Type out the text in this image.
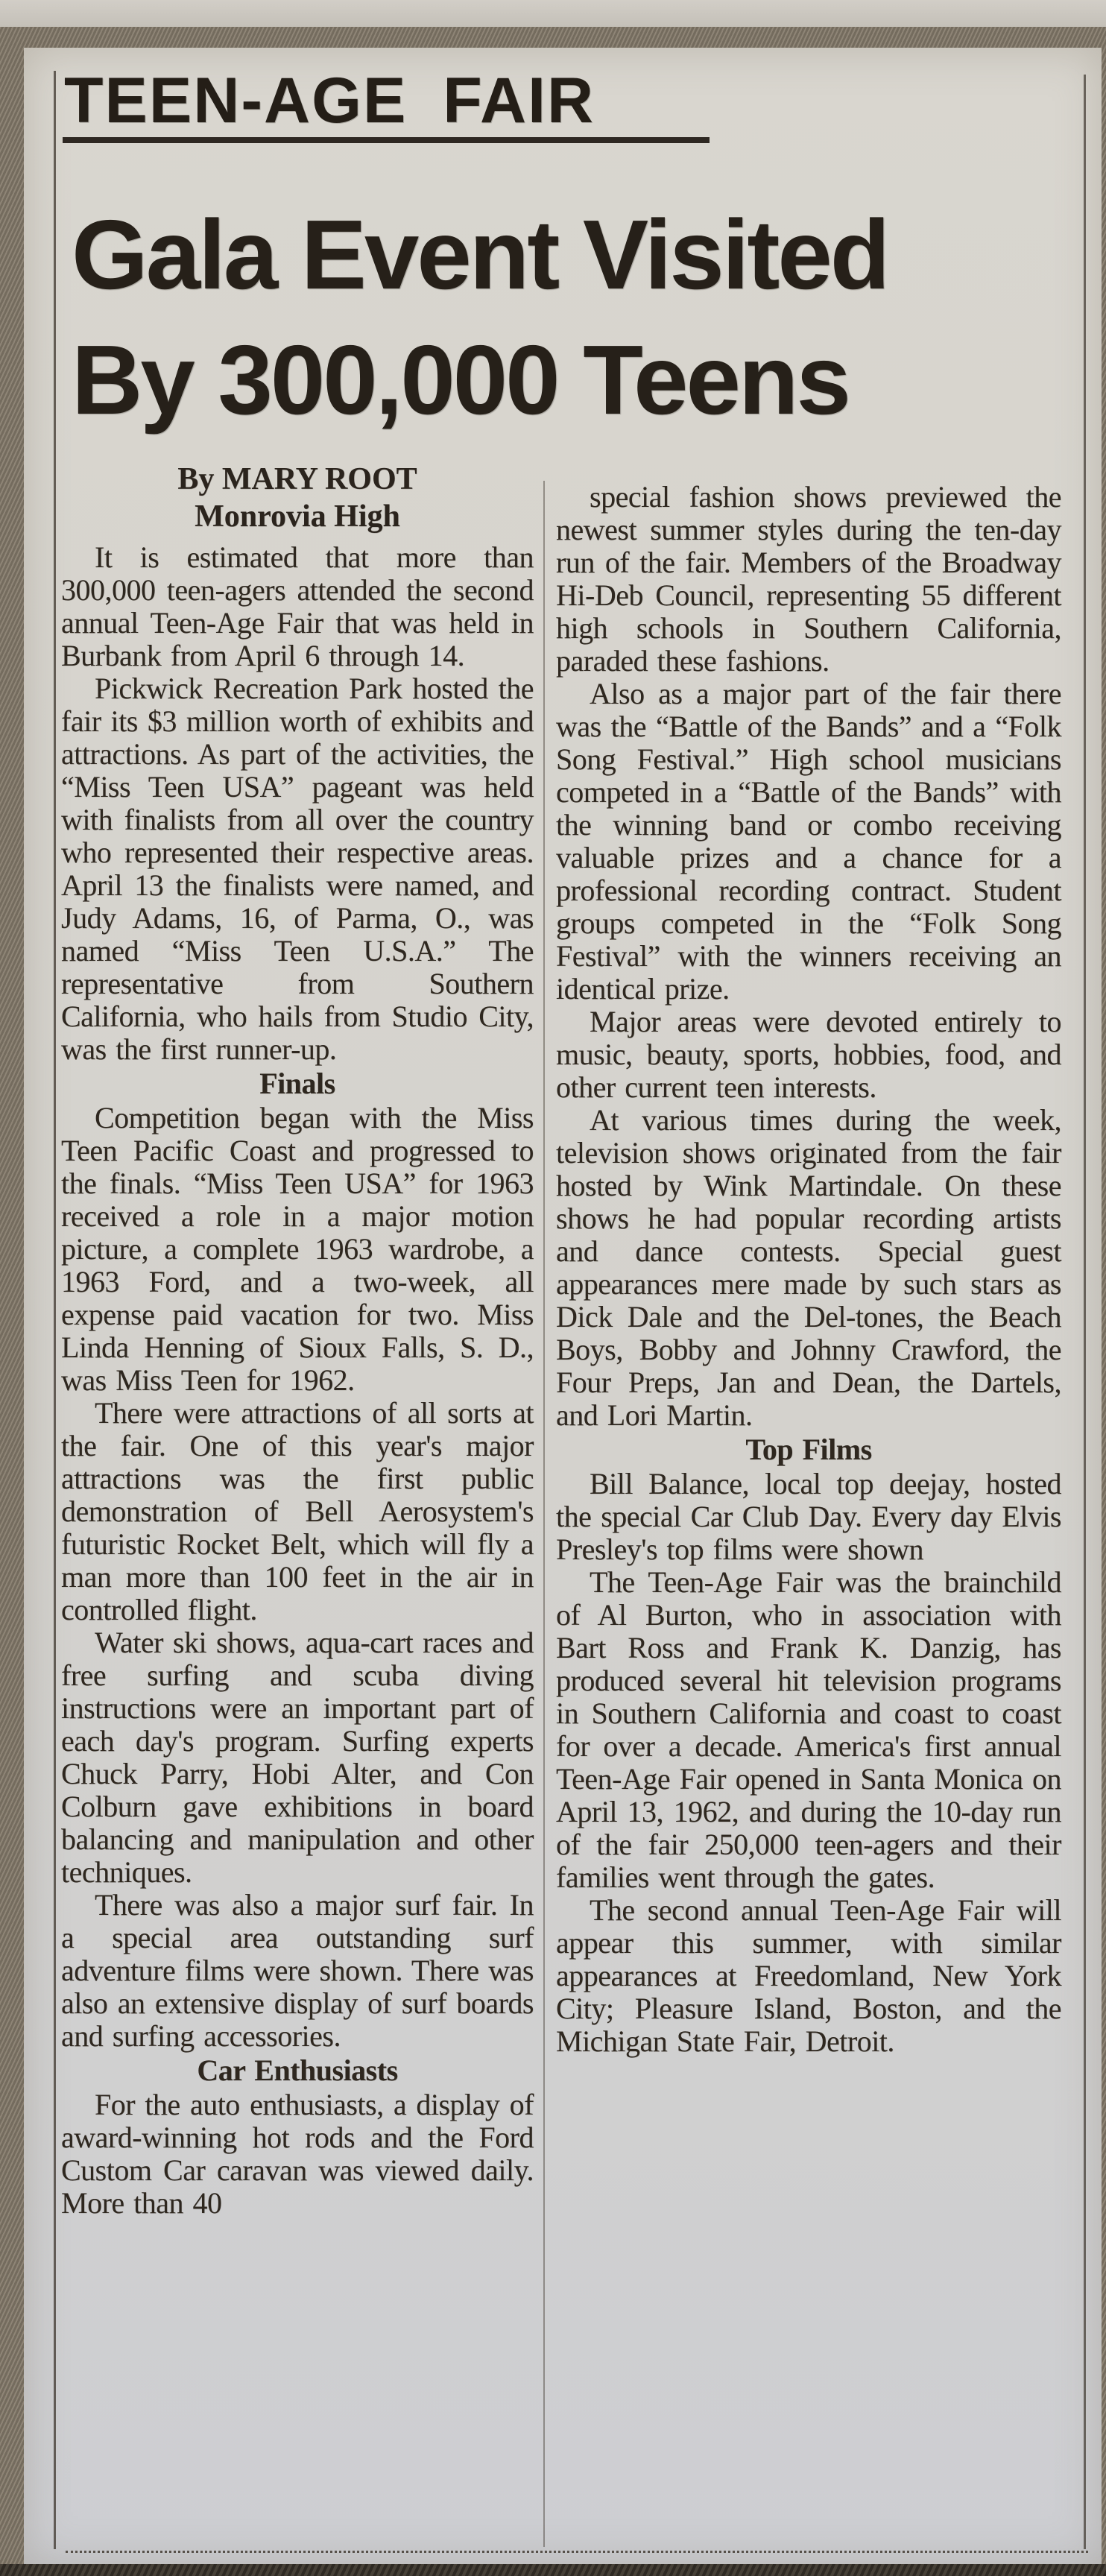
TEEN-AGE FAIR
Gala Event Visited
By 300,000 Teens
By MARY ROOT
Monrovia High

It is estimated that more than 300,000 teen-agers attended the second annual Teen-Age Fair that was held in Burbank from April 6 through 14.

Pickwick Recreation Park hosted the fair its $3 million worth of exhibits and attractions. As part of the activities, the “Miss Teen USA” pageant was held with finalists from all over the country who represented their respective areas. April 13 the finalists were named, and Judy Adams, 16, of Parma, O., was named “Miss Teen U.S.A.” The representative from Southern California, who hails from Studio City, was the first runner-up.

Finals

Competition began with the Miss Teen Pacific Coast and progressed to the finals. “Miss Teen USA” for 1963 received a role in a major motion picture, a complete 1963 wardrobe, a 1963 Ford, and a two-week, all expense paid vacation for two. Miss Linda Henning of Sioux Falls, S. D., was Miss Teen for 1962.

There were attractions of all sorts at the fair. One of this year's major attractions was the first public demonstration of Bell Aerosystem's futuristic Rocket Belt, which will fly a man more than 100 feet in the air in controlled flight.

Water ski shows, aqua-cart races and free surfing and scuba diving instructions were an important part of each day's program. Surfing experts Chuck Parry, Hobi Alter, and Con Colburn gave exhibitions in board balancing and manipulation and other techniques.

There was also a major surf fair. In a special area outstanding surf adventure films were shown. There was also an extensive display of surf boards and surfing accessories.

Car Enthusiasts

For the auto enthusiasts, a display of award-winning hot rods and the Ford Custom Car caravan was viewed daily. More than 40

special fashion shows previewed the newest summer styles during the ten-day run of the fair. Members of the Broadway Hi-Deb Council, representing 55 different high schools in Southern California, paraded these fashions.

Also as a major part of the fair there was the “Battle of the Bands” and a “Folk Song Festival.” High school musicians competed in a “Battle of the Bands” with the winning band or combo receiving valuable prizes and a chance for a professional recording contract. Student groups competed in the “Folk Song Festival” with the winners receiving an identical prize.

Major areas were devoted entirely to music, beauty, sports, hobbies, food, and other current teen interests.

At various times during the week, television shows originated from the fair hosted by Wink Martindale. On these shows he had popular recording artists and dance contests. Special guest appearances mere made by such stars as Dick Dale and the Del-tones, the Beach Boys, Bobby and Johnny Crawford, the Four Preps, Jan and Dean, the Dartels, and Lori Martin.

Top Films

Bill Balance, local top deejay, hosted the special Car Club Day. Every day Elvis Presley's top films were shown

The Teen-Age Fair was the brainchild of Al Burton, who in association with Bart Ross and Frank K. Danzig, has produced several hit television programs in Southern California and coast to coast for over a decade. America's first annual Teen-Age Fair opened in Santa Monica on April 13, 1962, and during the 10-day run of the fair 250,000 teen-agers and their families went through the gates.

The second annual Teen-Age Fair will appear this summer, with similar appearances at Freedomland, New York City; Pleasure Island, Boston, and the Michigan State Fair, Detroit.
